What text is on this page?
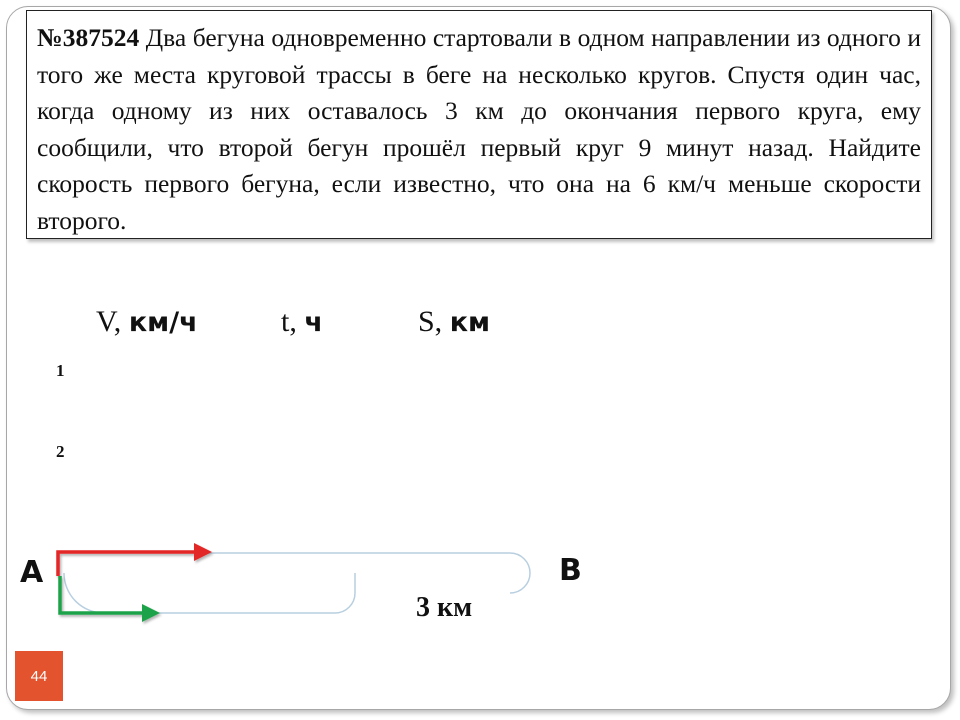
№387524 Два бегуна одновременно стартовали в одном направлении из одного и того же места круговой трассы в беге на несколько кругов. Спустя один час, когда одному из них оставалось 3 км до окончания первого круга, ему сообщили, что второй бегун прошёл первый круг 9 минут назад. Найдите скорость первого бегуна, если известно, что она на 6 км/ч меньше скорости второго.

V, км/ч	t, ч	S, км
1
2
A	B
3 км
44
